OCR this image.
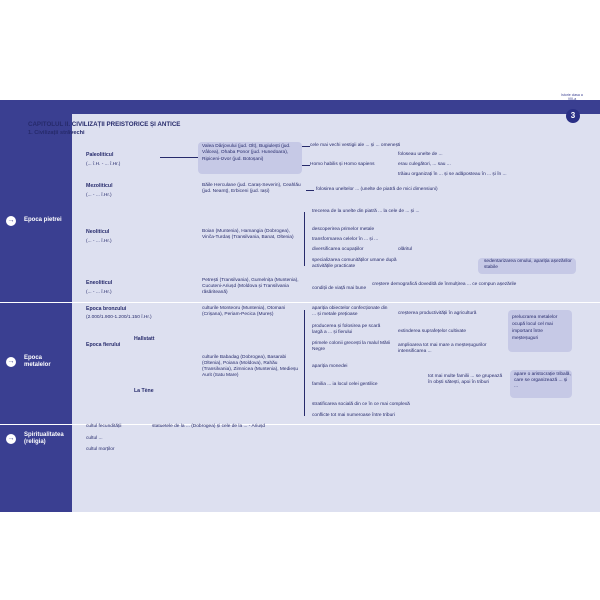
Istorie clasa a VIII-a
3
CAPITOLUL II. CIVILIZAȚII PREISTORICE ȘI ANTICE
1. Civilizații străvechi
→ Epoca pietrei
→ Epoca metalelor
→ Spiritualitatea (religia)
Paleoliticul
(... î.H. - ... î.Hr.)
Valea Dârjovului (jud. Olt), Bugiulești (jud. Vâlcea), Ohaba Ponor (jud. Hunedoara), Ripiceni-Izvor (jud. Botoșani)
cele mai vechi vestigii ale ... și ... omenești
Homo habilis și Homo sapiens
foloseau unelte de ...
erau culegători, ... sau ...
trăiau organizați în ... și se adăposteau în ... și în ...
Mezoliticul
(... - ... î.Hr.)
Băile Herculane (jud. Caraș-Severin), Ceahlău (jud. Neamț), Erbiceni (jud. Iași)	folosirea uneltelor ... (unelte de piatră de mici dimensiuni)
Neoliticul
(... - ... î.Hr.)
Boian (Muntenia), Hamangia (Dobrogea), Vinča-Turdaș (Transilvania, Banat, Oltenia)
trecerea de la unelte din piatră ... la cele de ... și ...
descoperirea primelor metale
transformarea celelor în ... și ...
diversificarea ocupațiilor	olăritul
specializarea comunităților umane după activitățile practicate
sedentarizarea omului, apariția așezărilor stabile
Eneoliticul
(... - ... î.Hr.)
Petrești (Transilvania), Gumelnița (Muntenia), Cucuteni-Ariușd (Moldova și Transilvania răsăriteană)
condiții de viață mai bune
creștere demografică dovedită de înmulțirea ... ce compun așezările
Epoca bronzului
(2.000/1.900-1.200/1.150 î.Hr.)
culturile Monteoru (Muntenia), Otomani (Crișana), Periam-Pecica (Mureș)
apariția obiectelor confecționate din ... și metale prețioase	creșterea productivității în agricultură
producerea și folosirea pe scară largă a ... și fierului	extinderea suprafețelor cultivate
prelucrarea metalelor ocupă locul cel mai important între meșteșuguri
Epoca fierului
Hallstatt
La Tène
culturile Babadag (Dobrogea), Basarabi (Oltenia), Poiana (Moldova), Rahău (Transilvania), Zimnicea (Muntenia), Medieșu Aurit (Satu Mare)
primele colonii grecești la malul Mării Negre
amplioarea tot mai mare a meșteșugurilor intensificarea ...
apariția monedei
familia ... ia locul celei gentilice
tot mai multe familii ... se grupează în obști sătești, apoi în triburi
apare o aristocrație tribală, care se organizează ... și ...
stratificarea socială din ce în ce mai complexă
conflicte tot mai numeroase între triburi
cultul fecundității	statuetele de la ... (Dobrogea) și cele de la ... - Ariușd
cultul ...
cultul morților
